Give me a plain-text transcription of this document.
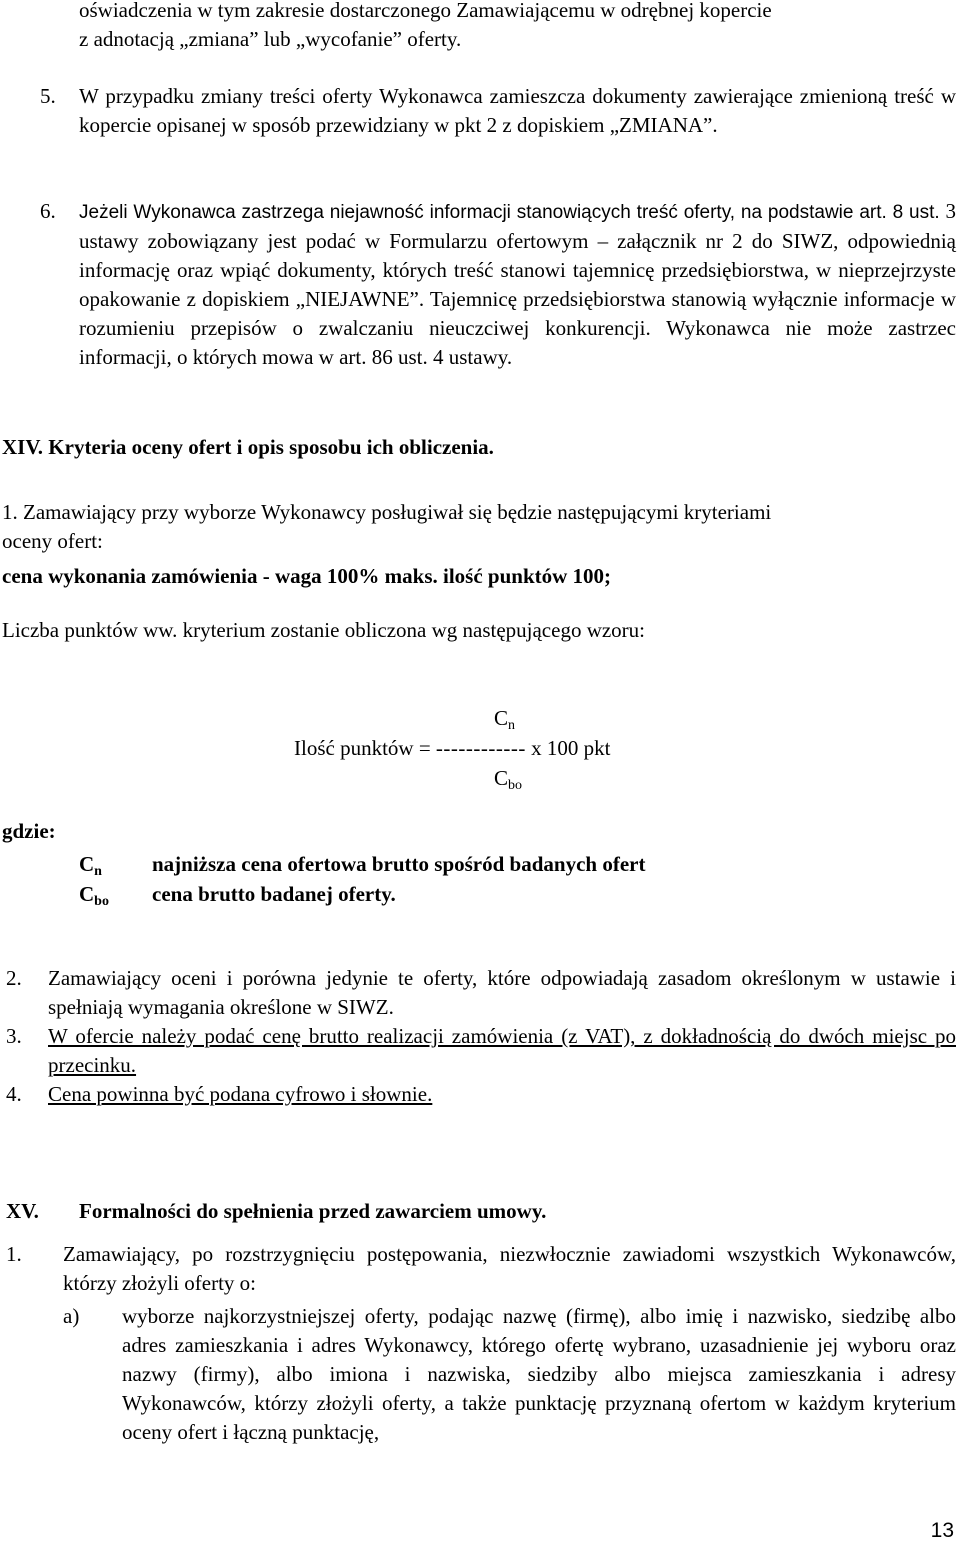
oświadczenia w tym zakresie dostarczonego Zamawiającemu w odrębnej kopercie
z adnotacją „zmiana” lub „wycofanie” oferty.
5. W przypadku zmiany treści oferty Wykonawca zamieszcza dokumenty zawierające zmienioną treść w kopercie opisanej w sposób przewidziany w pkt 2 z dopiskiem „ZMIANA”.
6. Jeżeli Wykonawca zastrzega niejawność informacji stanowiących treść oferty, na podstawie art. 8 ust. 3 ustawy zobowiązany jest podać w Formularzu ofertowym – załącznik nr 2 do SIWZ, odpowiednią informację oraz wpiąć dokumenty, których treść stanowi tajemnicę przedsiębiorstwa, w nieprzejrzyste opakowanie z dopiskiem „NIEJAWNE”. Tajemnicę przedsiębiorstwa stanowią wyłącznie informacje w rozumieniu przepisów o zwalczaniu nieuczciwej konkurencji. Wykonawca nie może zastrzec informacji, o których mowa w art. 86 ust. 4 ustawy.
XIV. Kryteria oceny ofert i opis sposobu ich obliczenia.
1. Zamawiający przy wyborze Wykonawcy posługiwał się będzie następującymi kryteriami
oceny ofert:
cena wykonania zamówienia - waga 100% maks. ilość punktów 100;
Liczba punktów ww. kryterium zostanie obliczona wg następującego wzoru:
$C_n$
Ilość punktów = ------------ x 100 pkt
$C_{bo}$
gdzie:
$C_n$ najniższa cena ofertowa brutto spośród badanych ofert
$C_{bo}$ cena brutto badanej oferty.
2. Zamawiający oceni i porówna jedynie te oferty, które odpowiadają zasadom określonym w ustawie i spełniają wymagania określone w SIWZ.
3. W ofercie należy podać cenę brutto realizacji zamówienia (z VAT), z dokładnością do dwóch miejsc po przecinku.
4. Cena powinna być podana cyfrowo i słownie.
XV. Formalności do spełnienia przed zawarciem umowy.
1. Zamawiający, po rozstrzygnięciu postępowania, niezwłocznie zawiadomi wszystkich Wykonawców, którzy złożyli oferty o:
a) wyborze najkorzystniejszej oferty, podając nazwę (firmę), albo imię i nazwisko, siedzibę albo adres zamieszkania i adres Wykonawcy, którego ofertę wybrano, uzasadnienie jej wyboru oraz nazwy (firmy), albo imiona i nazwiska, siedziby albo miejsca zamieszkania i adresy Wykonawców, którzy złożyli oferty, a także punktację przyznaną ofertom w każdym kryterium oceny ofert i łączną punktację,
13
